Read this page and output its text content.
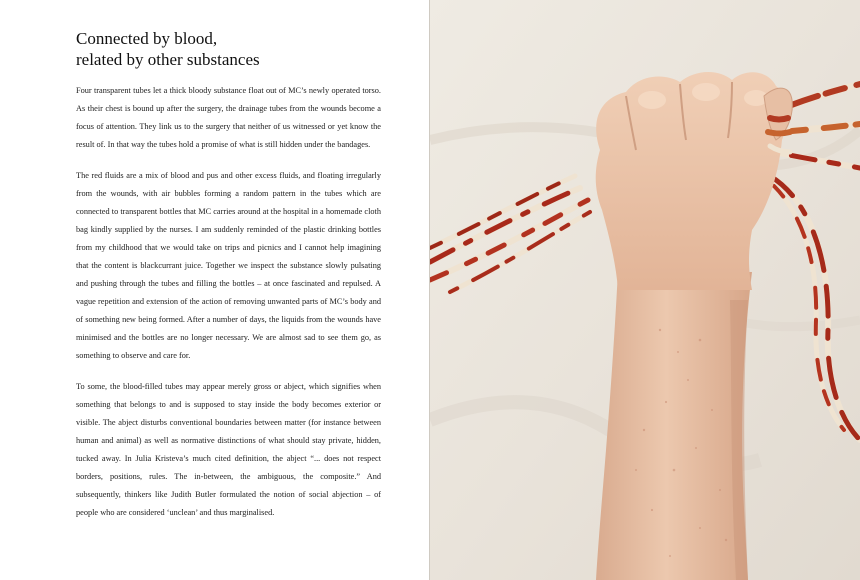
Connected by blood,
related by other substances

Four transparent tubes let a thick bloody substance float out of MC’s newly operated torso. As their chest is bound up after the surgery, the drainage tubes from the wounds become a focus of attention. They link us to the surgery that neither of us witnessed or yet know the result of. In that way the tubes hold a promise of what is still hidden under the bandages.

The red fluids are a mix of blood and pus and other excess fluids, and floating irregularly from the wounds, with air bubbles forming a random pattern in the tubes which are connected to transparent bottles that MC carries around at the hospital in a homemade cloth bag kindly supplied by the nurses. I am suddenly reminded of the plastic drinking bottles from my childhood that we would take on trips and picnics and I cannot help imagining that the content is blackcurrant juice. Together we inspect the substance slowly pulsating and pushing through the tubes and filling the bottles – at once fascinated and repulsed. A vague repetition and extension of the action of removing unwanted parts of MC’s body and of something new being formed. After a number of days, the liquids from the wounds have minimised and the bottles are no longer necessary. We are almost sad to see them go, as something to observe and care for.

To some, the blood-filled tubes may appear merely gross or abject, which signifies when something that belongs to and is supposed to stay inside the body becomes exterior or visible. The abject disturbs conventional boundaries between matter (for instance between human and animal) as well as normative distinctions of what should stay private, hidden, tucked away. In Julia Kristeva’s much cited definition, the abject “... does not respect borders, positions, rules. The in-between, the ambiguous, the composite.” And subsequently, thinkers like Judith Butler formulated the notion of social abjection – of people who are considered ‘unclean’ and thus marginalised.
